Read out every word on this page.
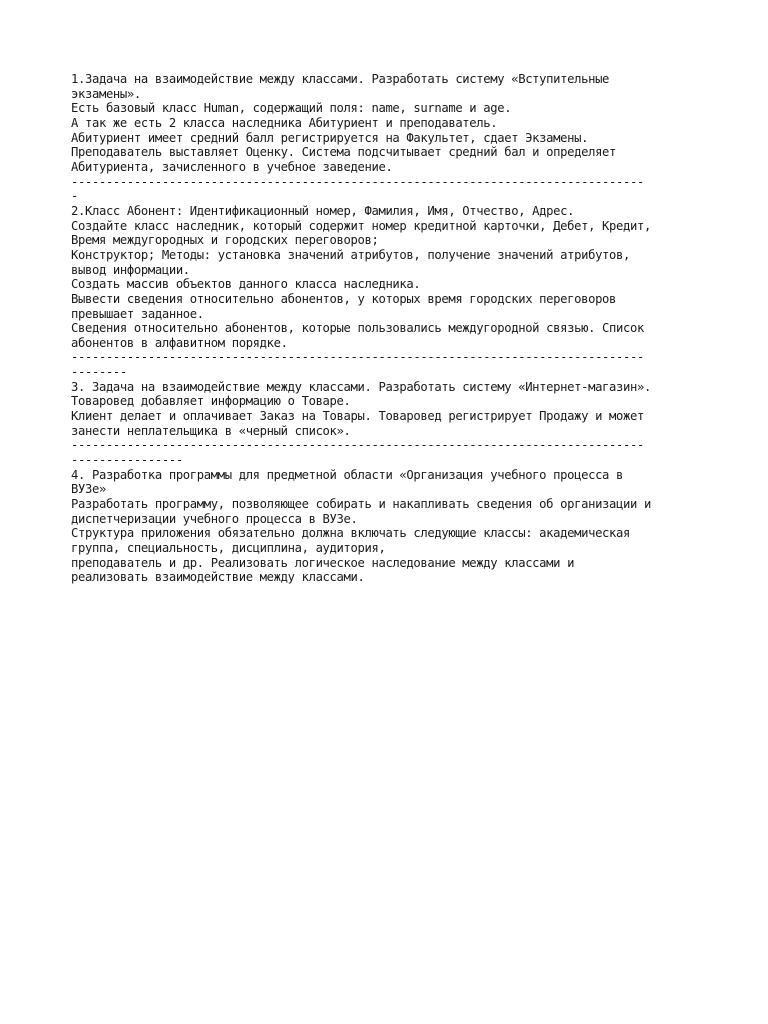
1.Задача на взаимодействие между классами. Разработать систему «Вступительные
экзамены».
Есть базовый класс Human, содержащий поля: name, surname и age.
А так же есть 2 класса наследника Абитуриент и преподаватель.
Абитуриент имеет средний балл регистрируется на Факультет, сдает Экзамены.
Преподаватель выставляет Оценку. Система подсчитывает средний бал и определяет
Абитуриента, зачисленного в учебное заведение.
----------------------------------------------------------------------------------
-
2.Класс Абонент: Идентификационный номер, Фамилия, Имя, Отчество, Адрес.
Создайте класс наследник, который содержит номер кредитной карточки, Дебет, Кредит,
Время междугородных и городских переговоров;
Конструктор; Методы: установка значений атрибутов, получение значений атрибутов,
вывод информации.
Создать массив объектов данного класса наследника.
Вывести сведения относительно абонентов, у которых время городских переговоров
превышает заданное.
Сведения относительно абонентов, которые пользовались междугородной связью. Список
абонентов в алфавитном порядке.
----------------------------------------------------------------------------------
--------
3. Задача на взаимодействие между классами. Разработать систему «Интернет-магазин».
Товаровед добавляет информацию о Товаре.
Клиент делает и оплачивает Заказ на Товары. Товаровед регистрирует Продажу и может
занести неплательщика в «черный список».
----------------------------------------------------------------------------------
----------------
4. Разработка программы для предметной области «Организация учебного процесса в
ВУЗе»
Разработать программу, позволяющее собирать и накапливать сведения об организации и
диспетчеризации учебного процесса в ВУЗе.
Структура приложения обязательно должна включать следующие классы: академическая
группа, специальность, дисциплина, аудитория,
преподаватель и др. Реализовать логическое наследование между классами и
реализовать взаимодействие между классами.
